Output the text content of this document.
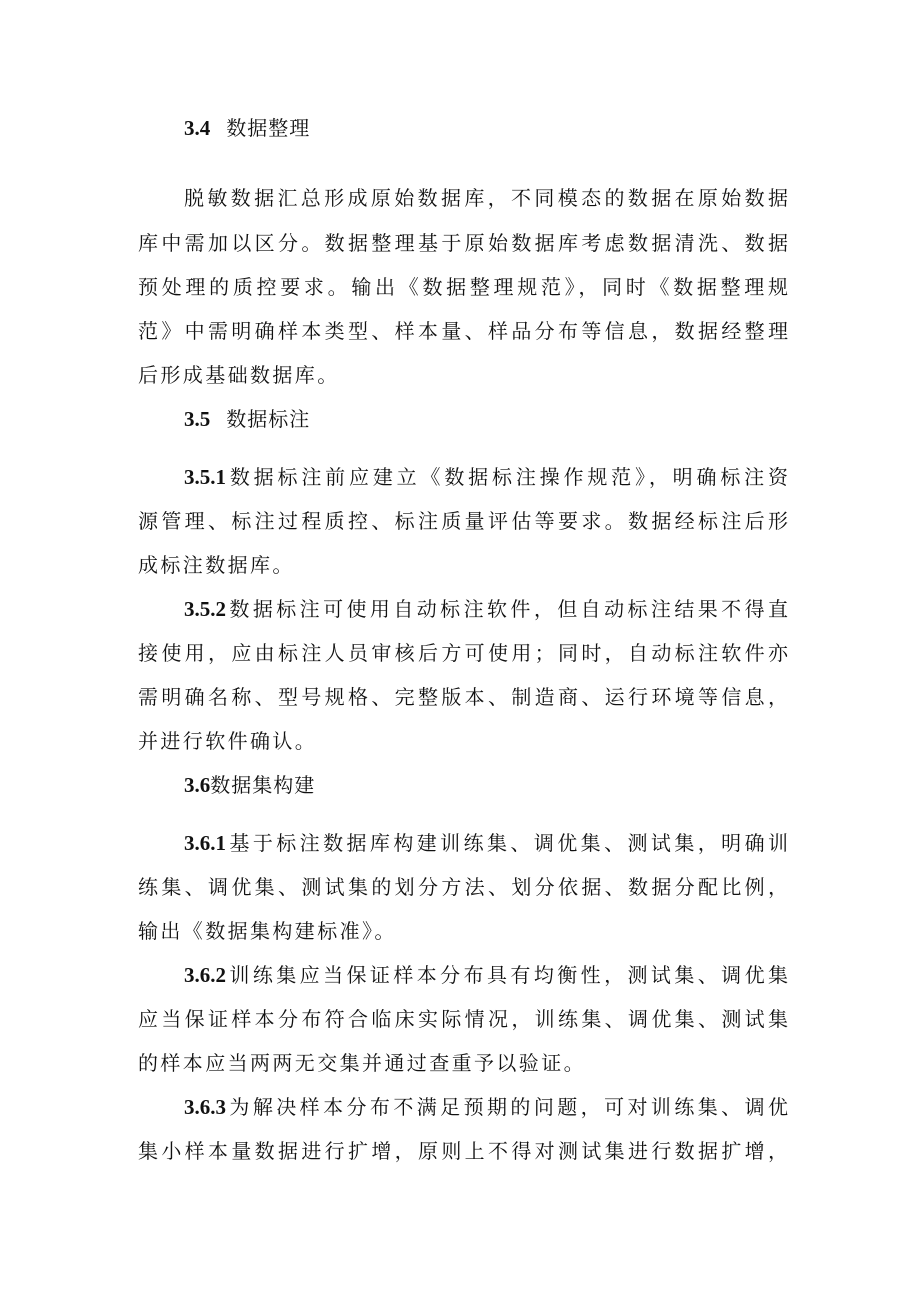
3.4 数据整理
脱敏数据汇总形成原始数据库，不同模态的数据在原始数据
库中需加以区分。数据整理基于原始数据库考虑数据清洗、数据
预处理的质控要求。输出《数据整理规范》，同时《数据整理规
范》中需明确样本类型、样本量、样品分布等信息，数据经整理
后形成基础数据库。
3.5 数据标注
3.5.1数据标注前应建立《数据标注操作规范》，明确标注资
源管理、标注过程质控、标注质量评估等要求。数据经标注后形
成标注数据库。
3.5.2数据标注可使用自动标注软件，但自动标注结果不得直
接使用，应由标注人员审核后方可使用；同时，自动标注软件亦
需明确名称、型号规格、完整版本、制造商、运行环境等信息，
并进行软件确认。
3.6数据集构建
3.6.1基于标注数据库构建训练集、调优集、测试集，明确训
练集、调优集、测试集的划分方法、划分依据、数据分配比例，
输出《数据集构建标准》。
3.6.2训练集应当保证样本分布具有均衡性，测试集、调优集
应当保证样本分布符合临床实际情况，训练集、调优集、测试集
的样本应当两两无交集并通过查重予以验证。
3.6.3为解决样本分布不满足预期的问题，可对训练集、调优
集小样本量数据进行扩增，原则上不得对测试集进行数据扩增，
